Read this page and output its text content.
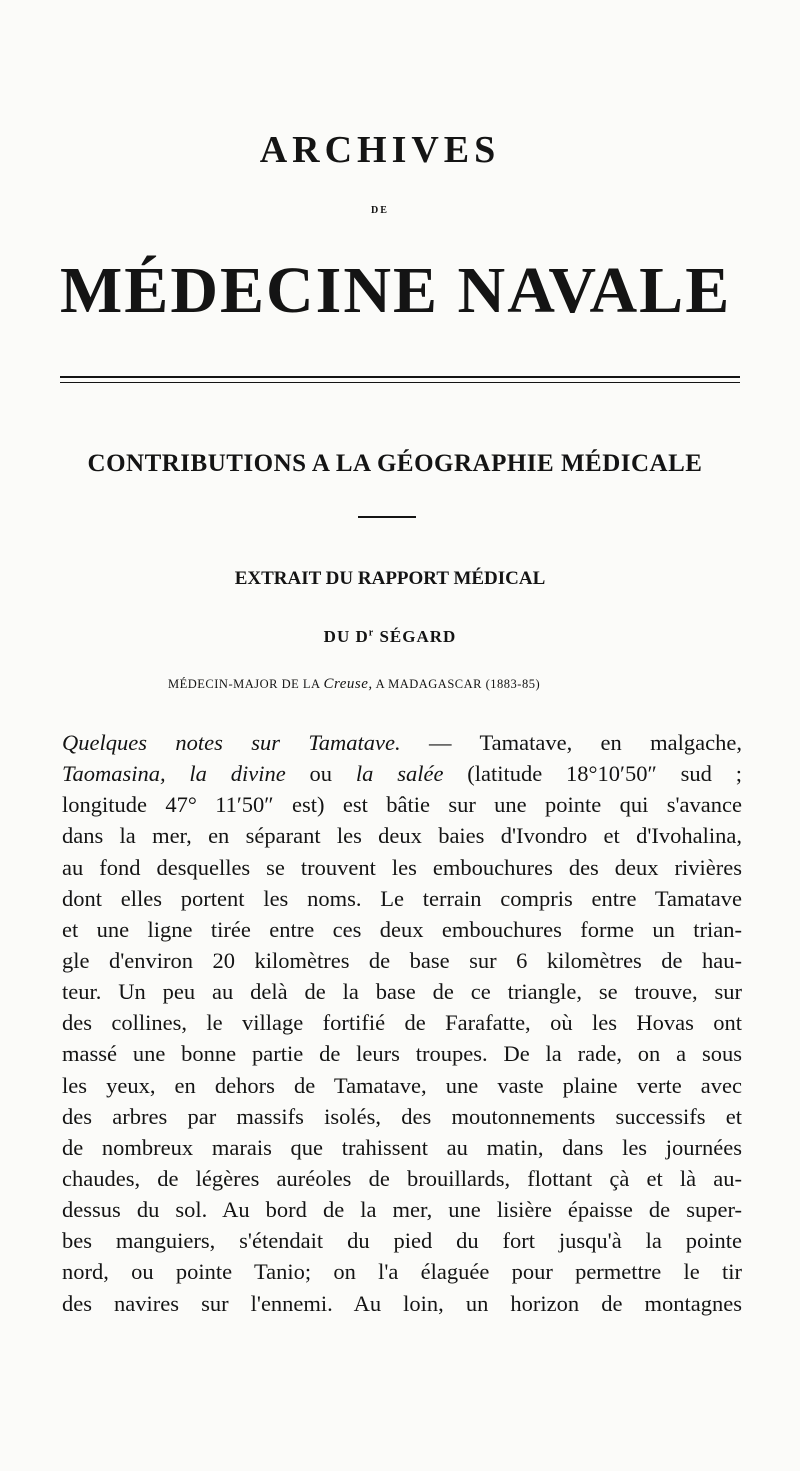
ARCHIVES
DE
MÉDECINE NAVALE
CONTRIBUTIONS A LA GÉOGRAPHIE MÉDICALE
EXTRAIT DU RAPPORT MÉDICAL
DU $D^r$ SÉGARD
MÉDECIN-MAJOR DE LA Creuse, A MADAGASCAR (1883-85)
Quelques notes sur Tamatave. — Tamatave, en malgache,
Taomasina, la divine ou la salée (latitude 18°10′50″ sud ;
longitude 47° 11′50″ est) est bâtie sur une pointe qui s'avance
dans la mer, en séparant les deux baies d'Ivondro et d'Ivohalina,
au fond desquelles se trouvent les embouchures des deux rivières
dont elles portent les noms. Le terrain compris entre Tamatave
et une ligne tirée entre ces deux embouchures forme un trian-
gle d'environ 20 kilomètres de base sur 6 kilomètres de hau-
teur. Un peu au delà de la base de ce triangle, se trouve, sur
des collines, le village fortifié de Farafatte, où les Hovas ont
massé une bonne partie de leurs troupes. De la rade, on a sous
les yeux, en dehors de Tamatave, une vaste plaine verte avec
des arbres par massifs isolés, des moutonnements successifs et
de nombreux marais que trahissent au matin, dans les journées
chaudes, de légères auréoles de brouillards, flottant çà et là au-
dessus du sol. Au bord de la mer, une lisière épaisse de super-
bes manguiers, s'étendait du pied du fort jusqu'à la pointe
nord, ou pointe Tanio; on l'a élaguée pour permettre le tir
des navires sur l'ennemi. Au loin, un horizon de montagnes
